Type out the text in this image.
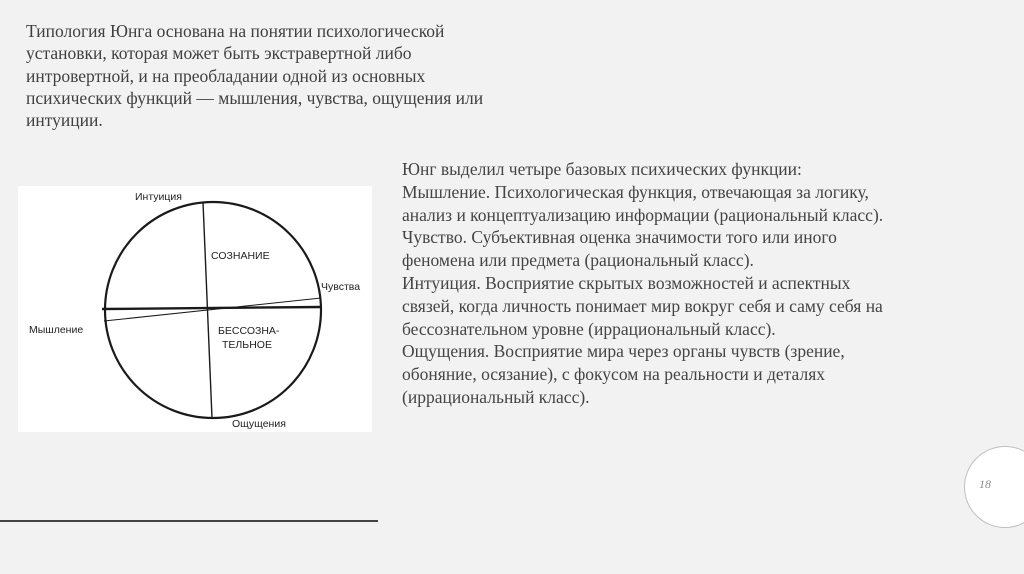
Типология Юнга основана на понятии психологической установки, которая может быть экстравертной либо интровертной, и на преобладании одной из основных психических функций — мышления, чувства, ощущения или интуиции.

Интуиция
Чувства
Мышление
Ощущения
СОЗНАНИЕ
БЕССОЗНА-
ТЕЛЬНОЕ

Юнг выделил четыре базовых психических функции:

Мышление. Психологическая функция, отвечающая за логику, анализ и концептуализацию информации (рациональный класс).

Чувство. Субъективная оценка значимости того или иного феномена или предмета (рациональный класс).

Интуиция. Восприятие скрытых возможностей и аспектных связей, когда личность понимает мир вокруг себя и саму себя на бессознательном уровне (иррациональный класс).

Ощущения. Восприятие мира через органы чувств (зрение, обоняние, осязание), с фокусом на реальности и деталях (иррациональный класс).

18
